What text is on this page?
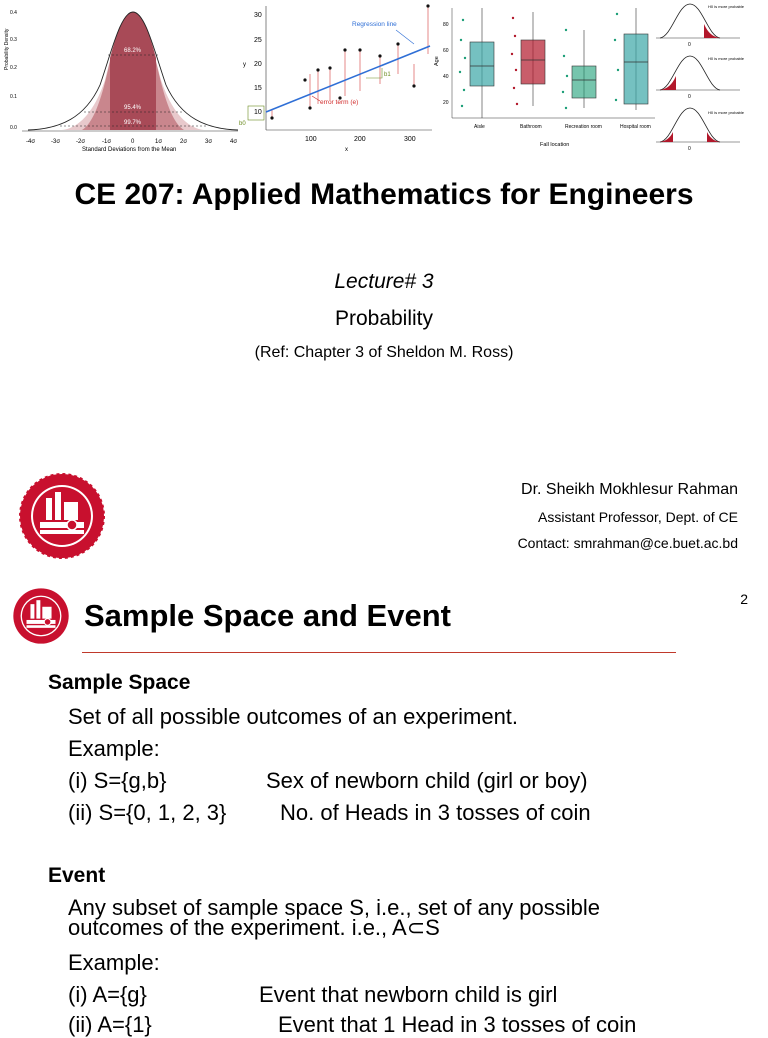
Probability Density
0.4
0.3
0.2
0.1
0.0
68.2%
95.4%
99.7%
-4σ	-3σ	-2σ	-1σ	0	1σ	2σ	3σ	4σ
Standard Deviations from the Mean
y
30
25
20
15
10
100	200	300
x
Regression line
error term (e)
b0
b1
Age
80
60
40
20
Aisle	Bathroom	Recreation room	Hospital room
Fall location
H0 is more probable
0
H0 is more probable
0
H0 is more probable
0
CE 207: Applied Mathematics for Engineers
Lecture# 3
Probability
(Ref: Chapter 3 of Sheldon M. Ross)
Dr. Sheikh Mokhlesur Rahman
Assistant Professor, Dept. of CE
Contact: smrahman@ce.buet.ac.bd
2
Sample Space and Event
Sample Space
Set of all possible outcomes of an experiment.
Example:
(i) S={g,b}	Sex of newborn child (girl or boy)
(ii) S={0, 1, 2, 3} No. of Heads in 3 tosses of coin
Event
Any subset of sample space S, i.e., set of any possible
outcomes of the experiment. i.e., A⊂S
Example:
(i) A={g}	Event that newborn child is girl
(ii) A={1}	Event that 1 Head in 3 tosses of coin
